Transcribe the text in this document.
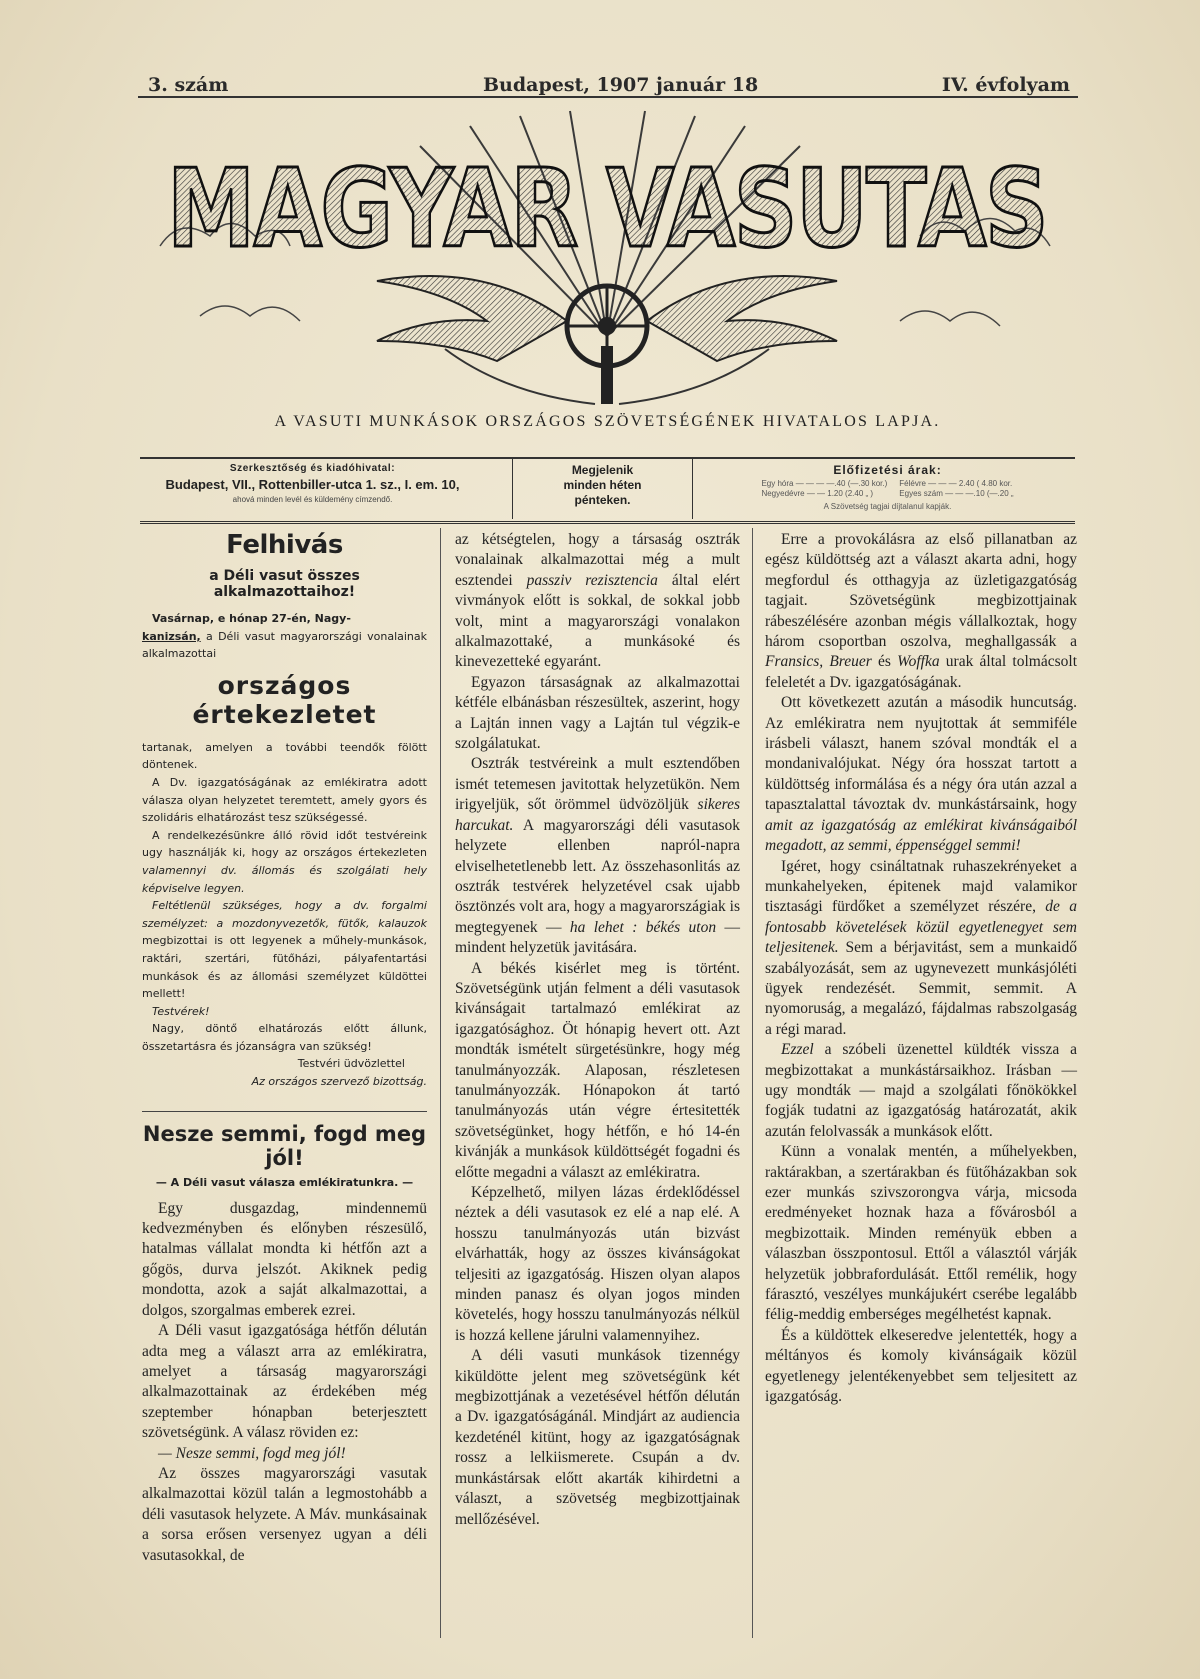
3. szám	Budapest, 1907 január 18	IV. évfolyam
MAGYAR VASUTAS
A VASUTI MUNKÁSOK ORSZÁGOS SZÖVETSÉGÉNEK HIVATALOS LAPJA.
Szerkesztőség és kiadóhivatal:
Budapest, VII., Rottenbiller-utca 1. sz., I. em. 10,
ahová minden levél és küldemény címzendő.
Megjelenik
minden héten
pénteken.
Előfizetési árak:
Egy hóra — — — —.40 (—.30 kor.)
Negyedévre — — 1.20 (2.40 „ )
Félévre — — — 2.40 ( 4.80 kor.
Egyes szám — — —.10 (—.20 „
A Szövetség tagjai díjtalanul kapják.
Felhivás
a Déli vasut összes alkalmazottaihoz!

Vasárnap, e hónap 27-én, Nagy-
kanizsán, a Déli vasut magyarországi vonalainak alkalmazottai

országos értekezletet

tartanak, amelyen a további teendők fölött döntenek.

A Dv. igazgatóságának az emlékiratra adott válasza olyan helyzetet teremtett, amely gyors és szolidáris elhatározást tesz szükségessé.

A rendelkezésünkre álló rövid időt testvéreink ugy használják ki, hogy az országos értekezleten valamennyi dv. állomás és szolgálati hely képviselve legyen.

Feltétlenül szükséges, hogy a dv. forgalmi személyzet: a mozdonyvezetők, fütők, kalauzok megbizottai is ott legyenek a műhely-munkások, raktári, szertári, fütőházi, pályafentartási munkások és az állomási személyzet küldöttei mellett!

Testvérek!

Nagy, döntő elhatározás előtt állunk, összetartásra és józanságra van szükség!

Testvéri üdvözlettel

Az országos szervező bizottság.

Nesze semmi, fogd meg jól!
— A Déli vasut válasza emlékiratunkra. —

Egy dusgazdag, mindennemü kedvezményben és előnyben részesülő, hatalmas vállalat mondta ki hétfőn azt a gőgös, durva jelszót. Akiknek pedig mondotta, azok a saját alkalmazottai, a dolgos, szorgalmas emberek ezrei.

A Déli vasut igazgatósága hétfőn délután adta meg a választ arra az emlékiratra, amelyet a társaság magyarországi alkalmazottainak az érdekében még szeptember hónapban beterjesztett szövetségünk. A válasz röviden ez:

— Nesze semmi, fogd meg jól!

Az összes magyarországi vasutak alkalmazottai közül talán a legmostohább a déli vasutasok helyzete. A Máv. munkásainak a sorsa erősen versenyez ugyan a déli vasutasokkal, de

az kétségtelen, hogy a társaság osztrák vonalainak alkalmazottai még a mult esztendei passziv rezisztencia által elért vivmányok előtt is sokkal, de sokkal jobb volt, mint a magyarországi vonalakon alkalmazottaké, a munkásoké és kinevezetteké egyaránt.

Egyazon társaságnak az alkalmazottai kétféle elbánásban részesültek, aszerint, hogy a Lajtán innen vagy a Lajtán tul végzik-e szolgálatukat.

Osztrák testvéreink a mult esztendőben ismét tetemesen javitottak helyzetükön. Nem irigyeljük, sőt örömmel üdvözöljük sikeres harcukat. A magyarországi déli vasutasok helyzete ellenben napról-napra elviselhetetlenebb lett. Az összehasonlitás az osztrák testvérek helyzetével csak ujabb ösztönzés volt ara, hogy a magyarországiak is megtegyenek — ha lehet : békés uton — mindent helyzetük javitására.

A békés kisérlet meg is történt. Szövetségünk utján felment a déli vasutasok kivánságait tartalmazó emlékirat az igazgatósághoz. Öt hónapig hevert ott. Azt mondták ismételt sürgetésünkre, hogy még tanulmányozzák. Alaposan, részletesen tanulmányozzák. Hónapokon át tartó tanulmányozás után végre értesitették szövetségünket, hogy hétfőn, e hó 14-én kivánják a munkások küldöttségét fogadni és előtte megadni a választ az emlékiratra.

Képzelhető, milyen lázas érdeklődéssel néztek a déli vasutasok ez elé a nap elé. A hosszu tanulmányozás után bizvást elvárhatták, hogy az összes kivánságokat teljesiti az igazgatóság. Hiszen olyan alapos minden panasz és olyan jogos minden követelés, hogy hosszu tanulmányozás nélkül is hozzá kellene járulni valamennyihez.

A déli vasuti munkások tizennégy kiküldötte jelent meg szövetségünk két megbizottjának a vezetésével hétfőn délután a Dv. igazgatóságánál. Mindjárt az audiencia kezdeténél kitünt, hogy az igazgatóságnak rossz a lelkiismerete. Csupán a dv. munkástársak előtt akarták kihirdetni a választ, a szövetség megbizottjainak mellőzésével.

Erre a provokálásra az első pillanatban az egész küldöttség azt a választ akarta adni, hogy megfordul és otthagyja az üzletigazgatóság tagjait. Szövetségünk megbizottjainak rábeszélésére azonban mégis vállalkoztak, hogy három csoportban oszolva, meghallgassák a Fransics, Breuer és Woffka urak által tolmácsolt feleletét a Dv. igazgatóságának.

Ott következett azután a második huncutság. Az emlékiratra nem nyujtottak át semmiféle irásbeli választ, hanem szóval mondták el a mondanivalójukat. Négy óra hosszat tartott a küldöttség informálása és a négy óra után azzal a tapasztalattal távoztak dv. munkástársaink, hogy amit az igazgatóság az emlékirat kivánságaiból megadott, az semmi, éppenséggel semmi!

Igéret, hogy csináltatnak ruhaszekrényeket a munkahelyeken, épitenek majd valamikor tisztasági fürdőket a személyzet részére, de a fontosabb követelések közül egyetlenegyet sem teljesitenek. Sem a bérjavitást, sem a munkaidő szabályozását, sem az ugynevezett munkásjóléti ügyek rendezését. Semmit, semmit. A nyomoruság, a megalázó, fájdalmas rabszolgaság a régi marad.

Ezzel a szóbeli üzenettel küldték vissza a megbizottakat a munkástársaikhoz. Irásban — ugy mondták — majd a szolgálati főnökökkel fogják tudatni az igazgatóság határozatát, akik azután felolvassák a munkások előtt.

Künn a vonalak mentén, a műhelyekben, raktárakban, a szertárakban és fütőházakban sok ezer munkás szivszorongva várja, micsoda eredményeket hoznak haza a fővárosból a megbizottaik. Minden reményük ebben a válaszban összpontosul. Ettől a választól várják helyzetük jobbrafordulását. Ettől remélik, hogy fárasztó, veszélyes munkájukért cserébe legalább félig-meddig emberséges megélhetést kapnak.

És a küldöttek elkeseredve jelentették, hogy a méltányos és komoly kivánságaik közül egyetlenegy jelentékenyebbet sem teljesitett az igazgatóság.
